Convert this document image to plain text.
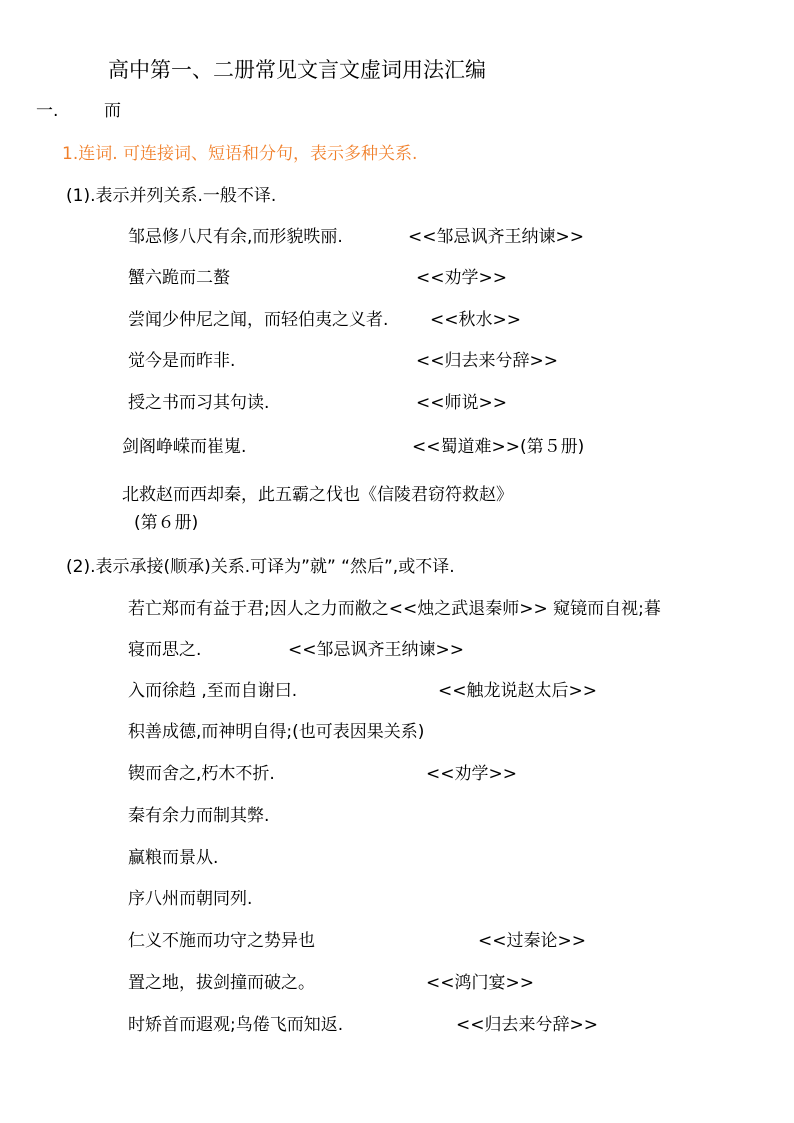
高中第一、二册常见文言文虚词用法汇编
一.	而
1.连词. 可连接词、短语和分句，表示多种关系.
(1).表示并列关系.一般不译.
邹忌修八尺有余,而形貌昳丽.	<<邹忌讽齐王纳谏>>
蟹六跪而二螯	<<劝学>>
尝闻少仲尼之闻，而轻伯夷之义者. <<秋水>>
觉今是而昨非.	<<归去来兮辞>>
授之书而习其句读.	<<师说>>
剑阁峥嵘而崔嵬.	<<蜀道难>>(第５册)
北救赵而西却秦，此五霸之伐也《信陵君窃符救赵》
(第６册)
(2).表示承接(顺承)关系.可译为”就” “然后”,或不译.
若亡郑而有益于君;因人之力而敝之<<烛之武退秦师>> 窥镜而自视;暮
寝而思之.	<<邹忌讽齐王纳谏>>
入而徐趋 ,至而自谢曰.	<<触龙说赵太后>>
积善成德,而神明自得;(也可表因果关系)
锲而舍之,朽木不折.	<<劝学>>
秦有余力而制其弊.
赢粮而景从.
序八州而朝同列.
仁义不施而功守之势异也	<<过秦论>>
置之地，拔剑撞而破之。	<<鸿门宴>>
时矫首而遐观;鸟倦飞而知返.	<<归去来兮辞>>
